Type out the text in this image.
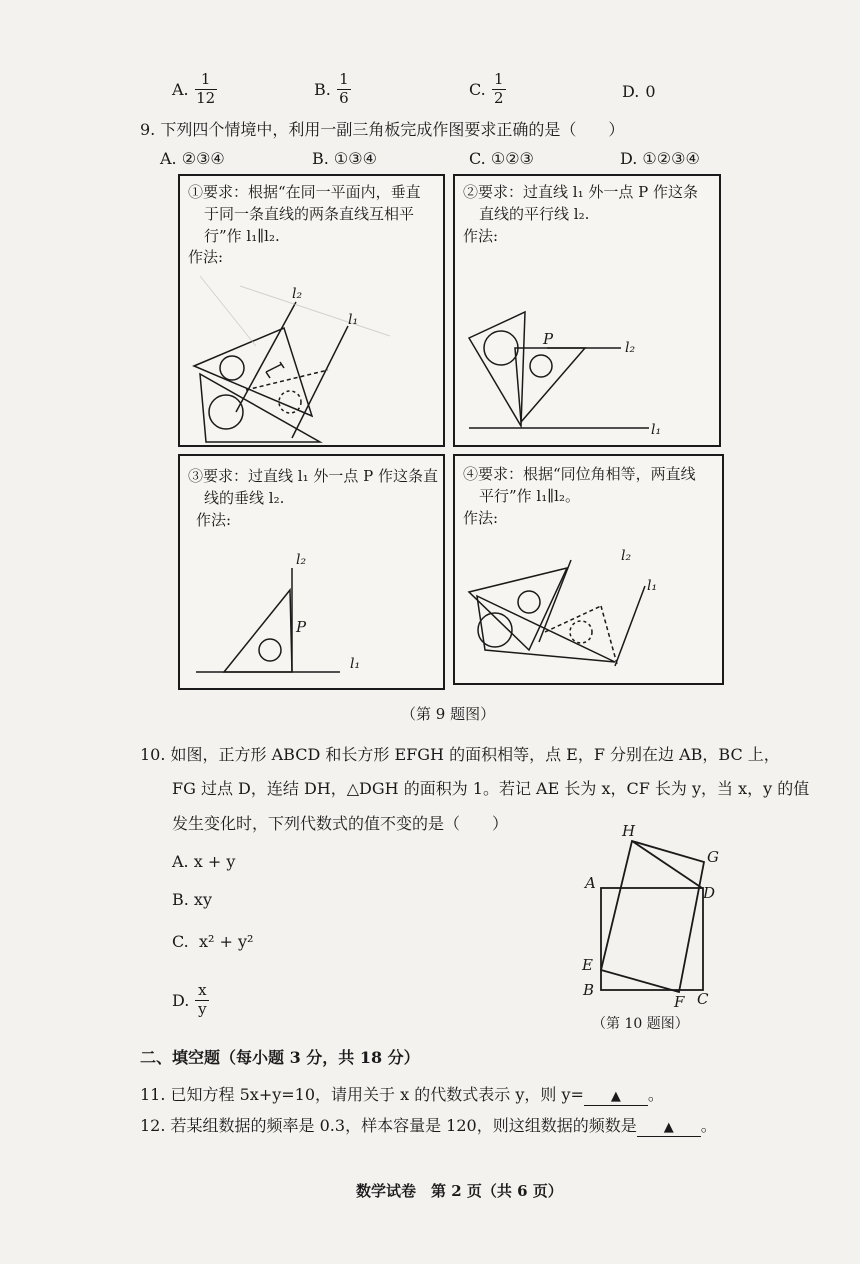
A. $\frac{1}{12}$	B. $\frac{1}{6}$	C. $\frac{1}{2}$	D. 0
9. 下列四个情境中，利用一副三角板完成作图要求正确的是（　　）
A. ②③④	B. ①③④	C. ①②③	D. ①②③④
①要求：根据“在同一平面内，垂直
于同一条直线的两条直线互相平
行”作 l₁∥l₂.
作法:
l₂
l₁
②要求：过直线 l₁ 外一点 P 作这条
直线的平行线 l₂.
作法:
P	l₂
l₁
③要求：过直线 l₁ 外一点 P 作这条直
线的垂线 l₂.
作法:
l₂
P
l₁
④要求：根据“同位角相等，两直线
平行”作 l₁∥l₂。
作法:
l₂
l₁
（第 9 题图）
10. 如图，正方形 ABCD 和长方形 EFGH 的面积相等，点 E，F 分别在边 AB，BC 上，
FG 过点 D，连结 DH，△DGH 的面积为 1。若记 AE 长为 x，CF 长为 y，当 x，y 的值
发生变化时，下列代数式的值不变的是（　　）
A. x + y
B. xy
C. x² + y²
D. $\frac{x}{y}$
H
G
A
D
E
B
F C
（第 10 题图）
二、填空题（每小题 3 分，共 18 分）
11. 已知方程 5x+y=10，请用关于 x 的代数式表示 y，则 y= ▲ 。
12. 若某组数据的频率是 0.3，样本容量是 120，则这组数据的频数是 ▲ 。
数学试卷　第 2 页（共 6 页）
